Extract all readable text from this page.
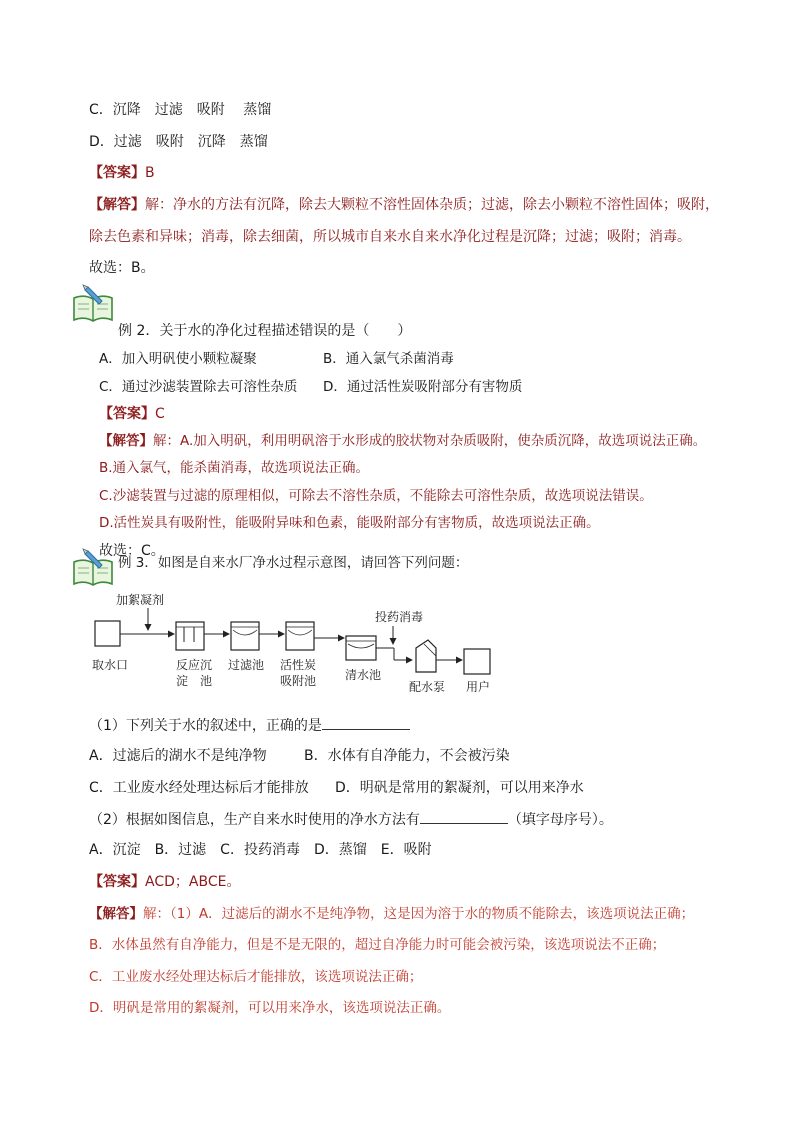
C．沉降　过滤　吸附　 蒸馏
D．过滤　吸附　沉降　蒸馏
【答案】B
【解答】解：净水的方法有沉降，除去大颗粒不溶性固体杂质；过滤，除去小颗粒不溶性固体；吸附，
除去色素和异味；消毒，除去细菌，所以城市自来水自来水净化过程是沉降；过滤；吸附；消毒。
故选：B。
例 2．关于水的净化过程描述错误的是（　　）
A．加入明矾使小颗粒凝聚	B．通入氯气杀菌消毒
C．通过沙滤装置除去可溶性杂质 D．通过活性炭吸附部分有害物质
【答案】C
【解答】解：A.加入明矾，利用明矾溶于水形成的胶状物对杂质吸附，使杂质沉降，故选项说法正确。
B.通入氯气，能杀菌消毒，故选项说法正确。
C.沙滤装置与过滤的原理相似，可除去不溶性杂质，不能除去可溶性杂质，故选项说法错误。
D.活性炭具有吸附性，能吸附异味和色素，能吸附部分有害物质，故选项说法正确。
故选：C。
例 3．如图是自来水厂净水过程示意图，请回答下列问题：
加絮凝剂
取水口	反应沉
淀　池
过滤池 活性炭
吸附池 清水池
投药消毒
配水泵 用户
（1）下列关于水的叙述中，正确的是
A．过滤后的湖水不是纯净物	B．水体有自净能力，不会被污染
C．工业废水经处理达标后才能排放 D．明矾是常用的絮凝剂，可以用来净水
（2）根据如图信息，生产自来水时使用的净水方法有	（填字母序号）。
A．沉淀　B．过滤　C．投药消毒　D．蒸馏　E．吸附
【答案】ACD；ABCE。
【解答】解：（1）A．过滤后的湖水不是纯净物，这是因为溶于水的物质不能除去，该选项说法正确；
B．水体虽然有自净能力，但是不是无限的，超过自净能力时可能会被污染，该选项说法不正确；
C．工业废水经处理达标后才能排放，该选项说法正确；
D．明矾是常用的絮凝剂，可以用来净水，该选项说法正确。
